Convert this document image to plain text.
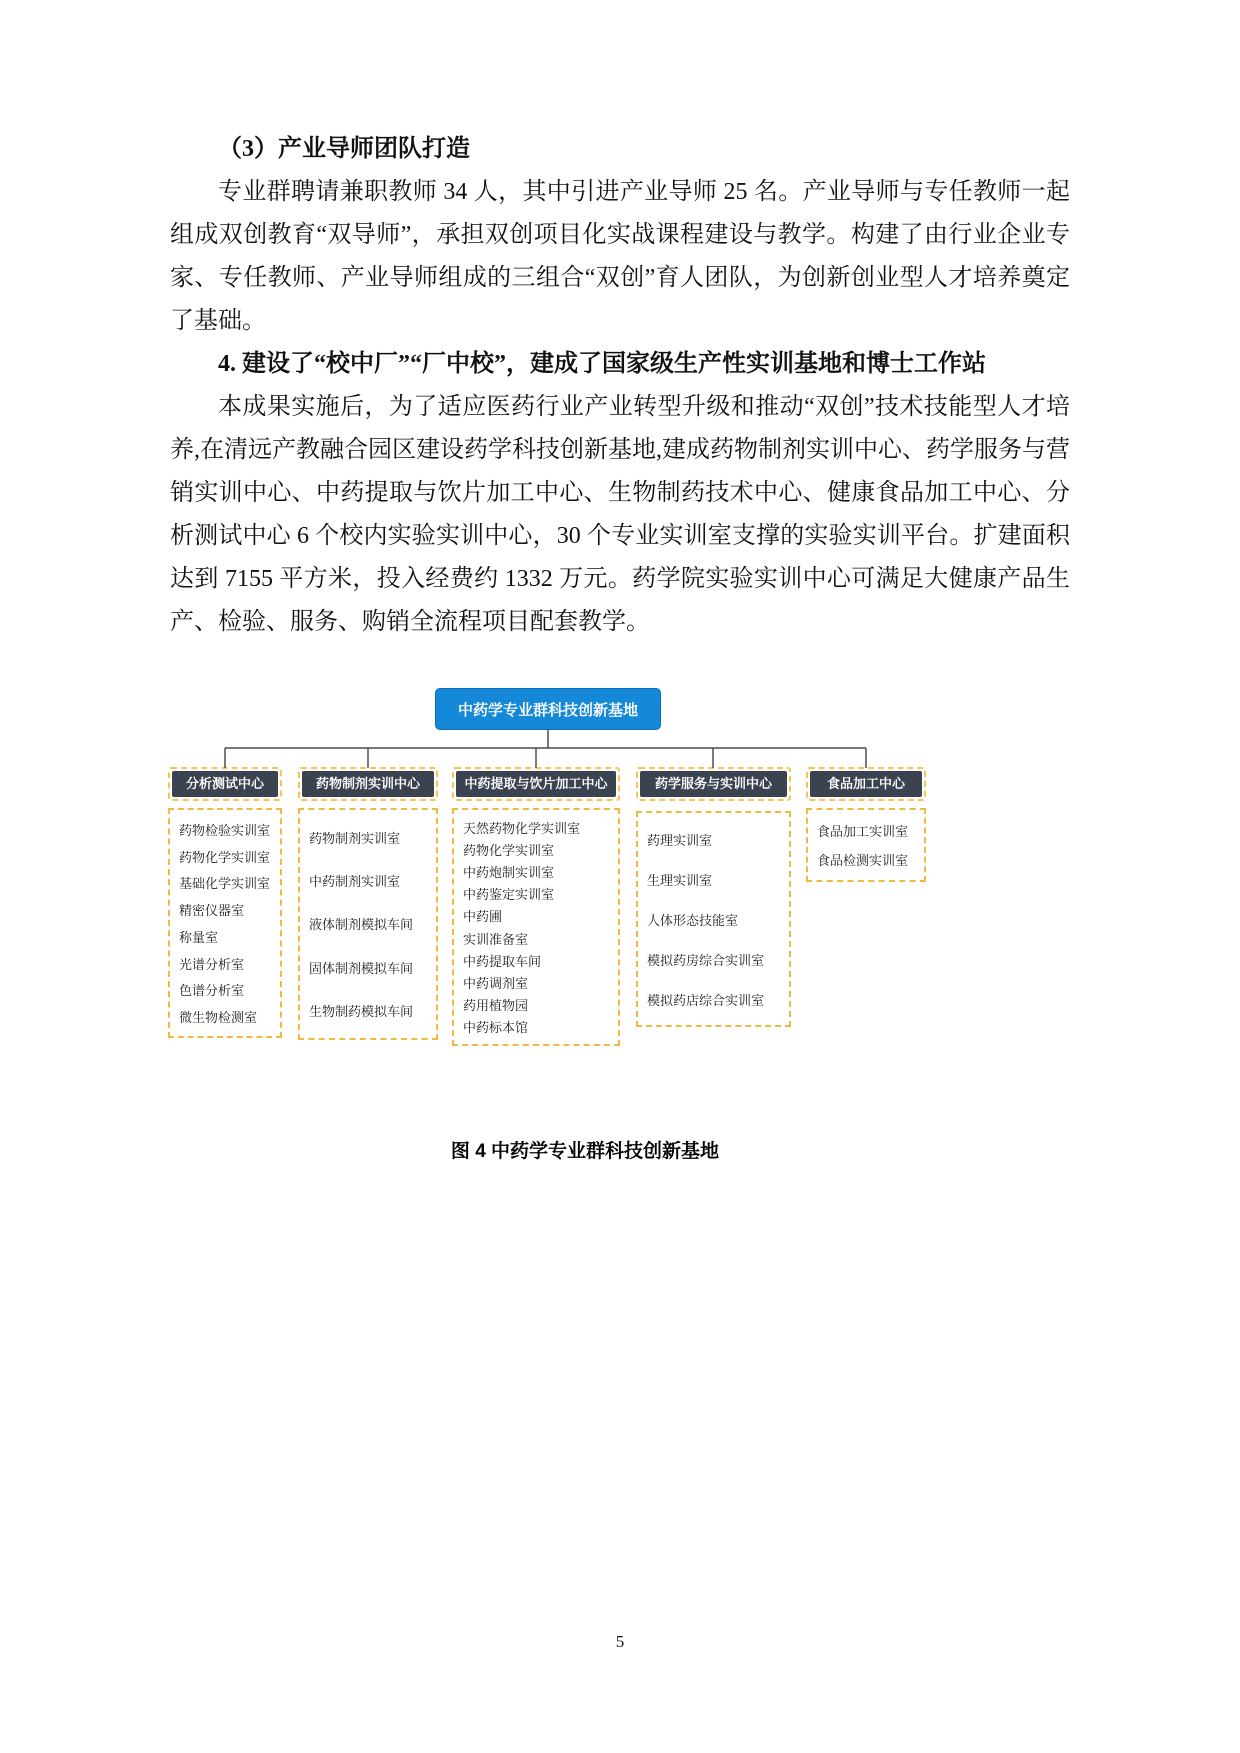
（3）产业导师团队打造

专业群聘请兼职教师 34 人，其中引进产业导师 25 名。产业导师与专任教师一起组成双创教育“双导师”，承担双创项目化实战课程建设与教学。构建了由行业企业专家、专任教师、产业导师组成的三组合“双创”育人团队，为创新创业型人才培养奠定了基础。

4. 建设了“校中厂”“厂中校”，建成了国家级生产性实训基地和博士工作站

本成果实施后，为了适应医药行业产业转型升级和推动“双创”技术技能型人才培养,在清远产教融合园区建设药学科技创新基地,建成药物制剂实训中心、药学服务与营销实训中心、中药提取与饮片加工中心、生物制药技术中心、健康食品加工中心、分析测试中心 6 个校内实验实训中心，30 个专业实训室支撑的实验实训平台。扩建面积达到 7155 平方米，投入经费约 1332 万元。药学院实验实训中心可满足大健康产品生产、检验、服务、购销全流程项目配套教学。

中药学专业群科技创新基地
分析测试中心
药物检验实训室
药物化学实训室
基础化学实训室
精密仪器室
称量室
光谱分析室
色谱分析室
微生物检测室
药物制剂实训中心
药物制剂实训室
中药制剂实训室
液体制剂模拟车间
固体制剂模拟车间
生物制药模拟车间
中药提取与饮片加工中心
天然药物化学实训室
药物化学实训室
中药炮制实训室
中药鉴定实训室
中药圃
实训准备室
中药提取车间
中药调剂室
药用植物园
中药标本馆
药学服务与实训中心
药理实训室
生理实训室
人体形态技能室
模拟药房综合实训室
模拟药店综合实训室
食品加工中心
食品加工实训室
食品检测实训室
图 4 中药学专业群科技创新基地
5
